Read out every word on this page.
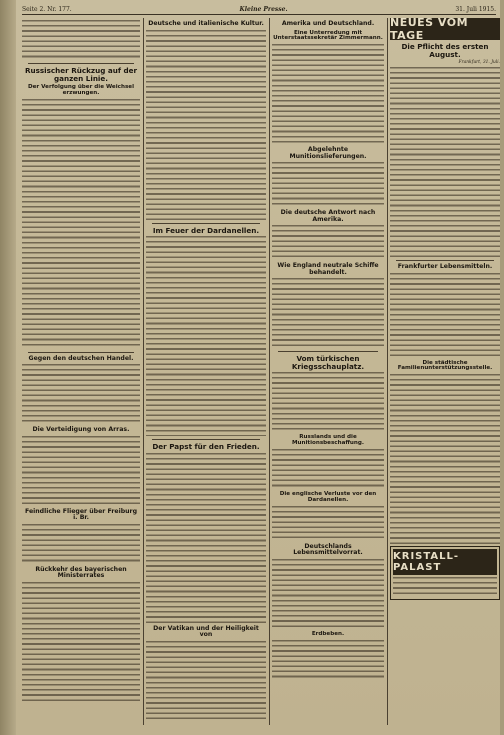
Seite 2. Nr. 177.	Kleine Presse.	31. Juli 1915.
Russischer Rückzug auf der ganzen Linie.
Der Verfolgung über die Weichsel erzwungen.
Gegen den deutschen Handel.
Die Verteidigung von Arras.
Feindliche Flieger über Freiburg i. Br.
Rückkehr des bayerischen Ministerrates
Deutsche und italienische Kultur.
Im Feuer der Dardanellen.
Der Papst für den Frieden.
Der Vatikan und der Heiligkeit von
Amerika und Deutschland.
Eine Unterredung mit Unterstaatssekretär Zimmermann.
Abgelehnte Munitionslieferungen.
Die deutsche Antwort nach Amerika.
Wie England neutrale Schiffe behandelt.
Vom türkischen Kriegsschauplatz.
Russlands und die Munitionsbeschaffung.
Die englische Verluste vor den Dardanellen.
Deutschlands Lebensmittelvorrat.
Erdbeben.
NEUES VOM TAGE
Die Pflicht des ersten August.
Frankfurt, 31. Juli.
Frankfurter Lebensmitteln.
Die städtische Familienunterstützungsstelle.
KRISTALL-PALAST
